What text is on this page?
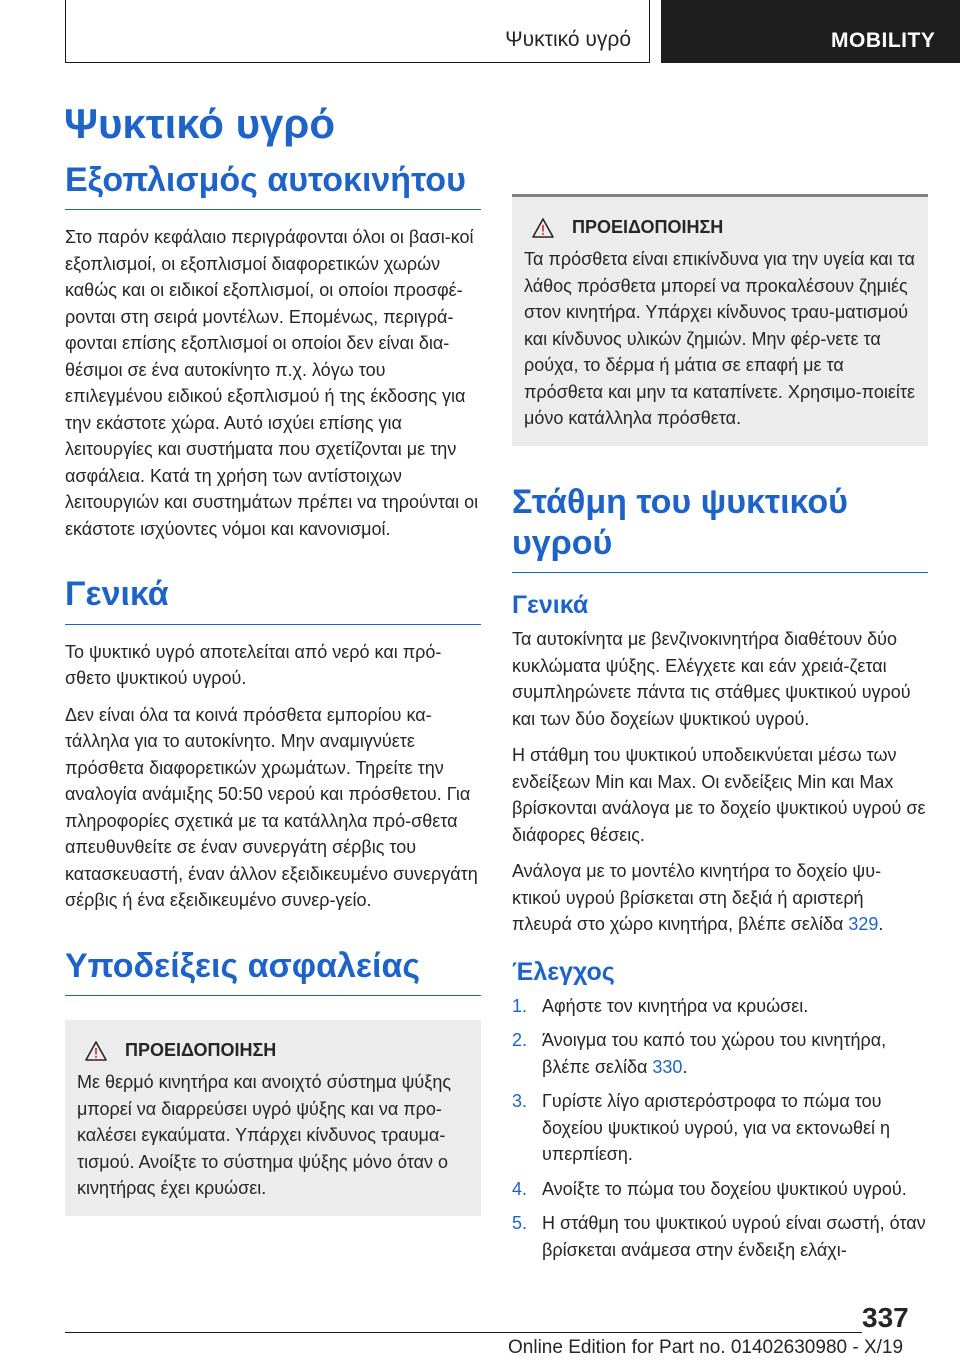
Ψυκτικό υγρό	MOBILITY
Ψυκτικό υγρό
Εξοπλισμός αυτοκινήτου

Στο παρόν κεφάλαιο περιγράφονται όλοι οι βασι-κοί εξοπλισμοί, οι εξοπλισμοί διαφορετικών χωρών καθώς και οι ειδικοί εξοπλισμοί, οι οποίοι προσφέ-ρονται στη σειρά μοντέλων. Επομένως, περιγρά-φονται επίσης εξοπλισμοί οι οποίοι δεν είναι δια-θέσιμοι σε ένα αυτοκίνητο π.χ. λόγω του επιλεγμένου ειδικού εξοπλισμού ή της έκδοσης για την εκάστοτε χώρα. Αυτό ισχύει επίσης για λειτουργίες και συστήματα που σχετίζονται με την ασφάλεια. Κατά τη χρήση των αντίστοιχων λειτουργιών και συστημάτων πρέπει να τηρούνται οι εκάστοτε ισχύοντες νόμοι και κανονισμοί.

Γενικά

Το ψυκτικό υγρό αποτελείται από νερό και πρό-σθετο ψυκτικού υγρού.

Δεν είναι όλα τα κοινά πρόσθετα εμπορίου κα-τάλληλα για το αυτοκίνητο. Μην αναμιγνύετε πρόσθετα διαφορετικών χρωμάτων. Τηρείτε την αναλογία ανάμιξης 50:50 νερού και πρόσθετου. Για πληροφορίες σχετικά με τα κατάλληλα πρό-σθετα απευθυνθείτε σε έναν συνεργάτη σέρβις του κατασκευαστή, έναν άλλον εξειδικευμένο συνεργάτη σέρβις ή ένα εξειδικευμένο συνερ-γείο.

Υποδείξεις ασφαλείας
ΠΡΟΕΙΔΟΠΟΙΗΣΗ

Με θερμό κινητήρα και ανοιχτό σύστημα ψύξης μπορεί να διαρρεύσει υγρό ψύξης και να προ-καλέσει εγκαύματα. Υπάρχει κίνδυνος τραυμα-τισμού. Ανοίξτε το σύστημα ψύξης μόνο όταν ο κινητήρας έχει κρυώσει.

ΠΡΟΕΙΔΟΠΟΙΗΣΗ

Τα πρόσθετα είναι επικίνδυνα για την υγεία και τα λάθος πρόσθετα μπορεί να προκαλέσουν ζημιές στον κινητήρα. Υπάρχει κίνδυνος τραυ-ματισμού και κίνδυνος υλικών ζημιών. Μην φέρ-νετε τα ρούχα, το δέρμα ή μάτια σε επαφή με τα πρόσθετα και μην τα καταπίνετε. Χρησιμο-ποιείτε μόνο κατάλληλα πρόσθετα.

Στάθμη του ψυκτικού υγρού
Γενικά

Τα αυτοκίνητα με βενζινοκινητήρα διαθέτουν δύο κυκλώματα ψύξης. Ελέγχετε και εάν χρειά-ζεται συμπληρώνετε πάντα τις στάθμες ψυκτικού υγρού και των δύο δοχείων ψυκτικού υγρού.

Η στάθμη του ψυκτικού υποδεικνύεται μέσω των ενδείξεων Min και Max. Οι ενδείξεις Min και Max βρίσκονται ανάλογα με το δοχείο ψυκτικού υγρού σε διάφορες θέσεις.

Ανάλογα με το μοντέλο κινητήρα το δοχείο ψυ-κτικού υγρού βρίσκεται στη δεξιά ή αριστερή πλευρά στο χώρο κινητήρα, βλέπε σελίδα 329.

Έλεγχος
1. Αφήστε τον κινητήρα να κρυώσει.
2. Άνοιγμα του καπό του χώρου του κινητήρα, βλέπε σελίδα 330.
3. Γυρίστε λίγο αριστερόστροφα το πώμα του δοχείου ψυκτικού υγρού, για να εκτονωθεί η υπερπίεση.
4. Ανοίξτε το πώμα του δοχείου ψυκτικού υγρού.
5. Η στάθμη του ψυκτικού υγρού είναι σωστή, όταν βρίσκεται ανάμεσα στην ένδειξη ελάχι-
337
Online Edition for Part no. 01402630980 - X/19
